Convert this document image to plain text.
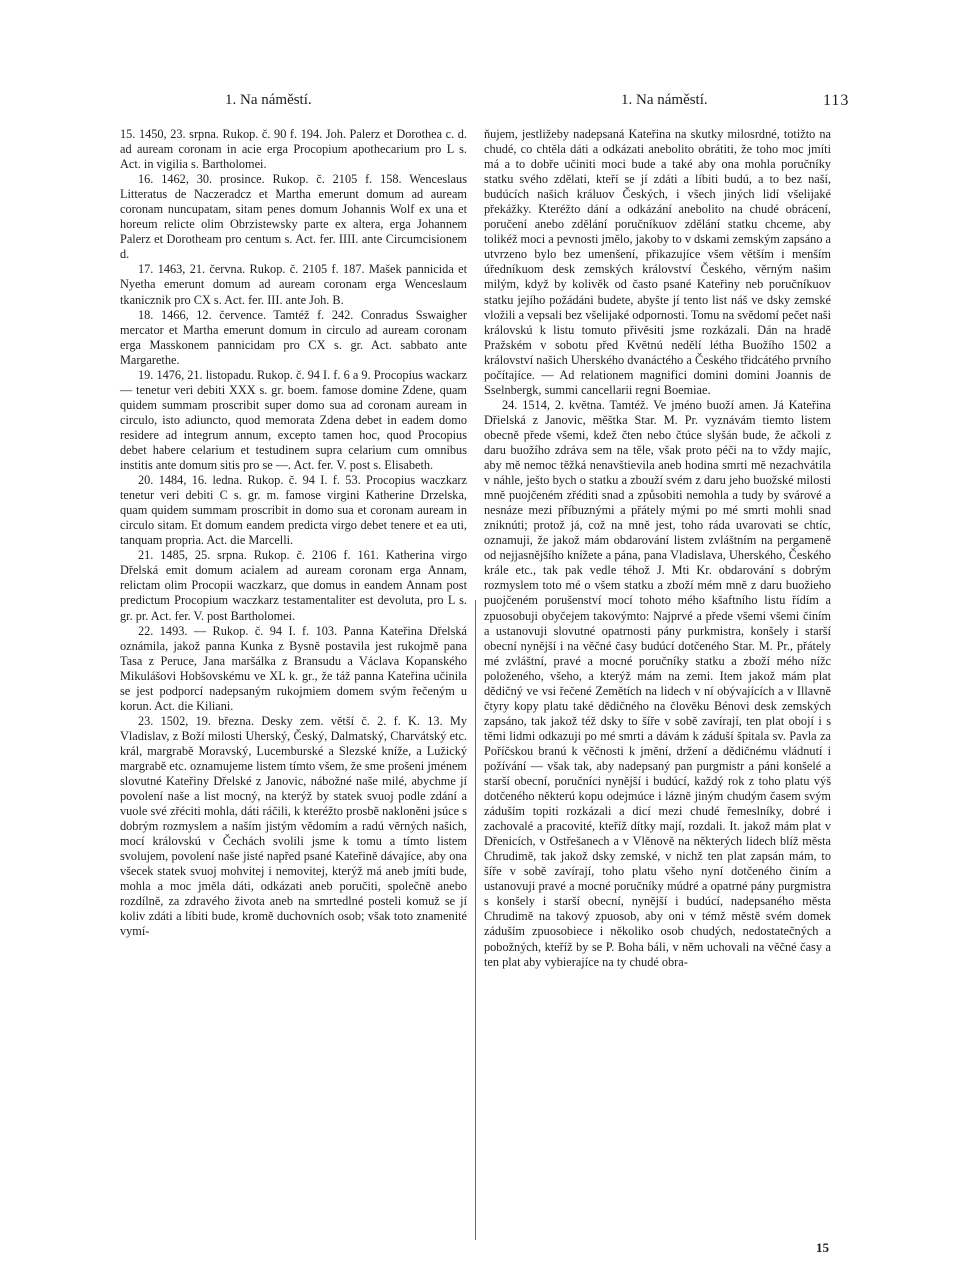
1. Na náměstí.	1. Na náměstí.	113

15. 1450, 23. srpna. Rukop. č. 90 f. 194. Joh. Palerz et Dorothea c. d. ad auream coronam in acie erga Procopium apothecarium pro L s. Act. in vigilia s. Bartholomei.

16. 1462, 30. prosince. Rukop. č. 2105 f. 158. Wenceslaus Litteratus de Naczeradcz et Martha emerunt domum ad auream coronam nuncupatam, sitam penes domum Johannis Wolf ex una et horeum relicte olim Obrzistewsky parte ex altera, erga Johannem Palerz et Dorotheam pro centum s. Act. fer. IIII. ante Circumcisionem d.

17. 1463, 21. června. Rukop. č. 2105 f. 187. Mašek pannicida et Nyetha emerunt domum ad auream coronam erga Wenceslaum tkanicznik pro CX s. Act. fer. III. ante Joh. B.

18. 1466, 12. července. Tamtéž f. 242. Conradus Sswaigher mercator et Martha emerunt domum in circulo ad auream coronam erga Masskonem pannicidam pro CX s. gr. Act. sabbato ante Margarethe.

19. 1476, 21. listopadu. Rukop. č. 94 I. f. 6 a 9. Procopius wackarz — tenetur veri debiti XXX s. gr. boem. famose domine Zdene, quam quidem summam proscribit super domo sua ad coronam auream in circulo, isto adiuncto, quod memorata Zdena debet in eadem domo residere ad integrum annum, excepto tamen hoc, quod Procopius debet habere celarium et testudinem supra celarium cum omnibus institis ante domum sitis pro se —. Act. fer. V. post s. Elisabeth.

20. 1484, 16. ledna. Rukop. č. 94 I. f. 53. Procopius waczkarz tenetur veri debiti C s. gr. m. famose virgini Katherine Drzelska, quam quidem summam proscribit in domo sua et coronam auream in circulo sitam. Et domum eandem predicta virgo debet tenere et ea uti, tanquam propria. Act. die Marcelli.

21. 1485, 25. srpna. Rukop. č. 2106 f. 161. Katherina virgo Dřelská emit domum acialem ad auream coronam erga Annam, relictam olim Procopii waczkarz, que domus in eandem Annam post predictum Procopium waczkarz testamentaliter est devoluta, pro L s. gr. pr. Act. fer. V. post Bartholomei.

22. 1493. — Rukop. č. 94 I. f. 103. Panna Kateřina Dřelská oznámila, jakož panna Kunka z Bysně postavila jest rukojmě pana Tasa z Peruce, Jana maršálka z Bransudu a Václava Kopanského Mikulášovi Hobšovskému ve XL k. gr., že táž panna Kateřina učinila se jest podporcí nadepsaným rukojmiem domem svým řečeným u korun. Act. die Kiliani.

23. 1502, 19. března. Desky zem. větší č. 2. f. K. 13. My Vladislav, z Boží milosti Uherský, Český, Dalmatský, Charvátský etc. král, margrabě Moravský, Lucemburské a Slezské kníže, a Lužický margrabě etc. oznamujeme listem tímto všem, že sme prošeni jménem slovutné Kateřiny Dřelské z Janovic, nábožné naše milé, abychme jí povolení naše a list mocný, na kterýž by statek svuoj podle zdání a vuole své zřéciti mohla, dáti ráčili, k kteréžto prosbě nakloněni jsúce s dobrým rozmyslem a naším jistým vědomím a radú věrných našich, mocí královskú v Čechách svolili jsme k tomu a tímto listem svolujem, povolení naše jisté napřed psané Kateřině dávajíce, aby ona všecek statek svuoj mohvitej i nemovitej, kterýž má aneb jmíti bude, mohla a moc jměla dáti, odkázati aneb poručiti, společně anebo rozdílně, za zdravého života aneb na smrtedlné posteli komuž se jí koliv zdáti a líbiti bude, kromě duchovních osob; však toto znamenité vymí-

ňujem, jestližeby nadepsaná Kateřina na skutky milosrdné, totižto na chudé, co chtěla dáti a odkázati anebolito obrátiti, že toho moc jmíti má a to dobře učiniti moci bude a také aby ona mohla poručníky statku svého zdělati, kteří se jí zdáti a líbiti budú, a to bez naší, budúcích našich králuov Českých, i všech jiných lidí všelijaké překážky. Kteréžto dání a odkázání anebolito na chudé obrácení, poručení anebo zdělání poručníkuov zdělání statku chceme, aby tolikéž moci a pevnosti jmělo, jakoby to v dskami zemským zapsáno a utvrzeno bylo bez umenšení, přikazujíce všem větším i menším úředníkuom desk zemských království Českého, věrným našim milým, když by kolivěk od často psané Kateřiny neb poručníkuov statku jejího požádáni budete, abyšte jí tento list náš ve dsky zemské vložili a vepsali bez všelijaké odpornosti. Tomu na svědomí pečet naši královskú k listu tomuto přivěsiti jsme rozkázali. Dán na hradě Pražském v sobotu před Květnú nedělí létha Buožího 1502 a království našich Uherského dvanáctého a Českého třidcátého prvního počítajíce. — Ad relationem magnifici domini domini Joannis de Sselnbergk, summi cancellarii regni Boemiae.

24. 1514, 2. května. Tamtéž. Ve jméno buoží amen. Já Kateřina Dřielská z Janovic, měštka Star. M. Pr. vyznávám tiemto listem obecně přede všemi, kdež čten nebo čtúce slyšán bude, že ačkoli z daru buožího zdráva sem na těle, však proto péči na to vždy majíc, aby mě nemoc těžká nenavštievila aneb hodina smrti mě nezachvátila v náhle, ješto bych o statku a zbouží svém z daru jeho buožské milosti mně puojčeném zřéditi snad a způsobiti nemohla a tudy by svárové a nesnáze mezi příbuznými a přátely mými po mé smrti mohli snad zniknúti; protož já, což na mně jest, toho ráda uvarovati se chtíc, oznamuji, že jakož mám obdarování listem zvláštním na pergameně od nejjasnějšího knížete a pána, pana Vladislava, Uherského, Českého krále etc., tak pak vedle téhož J. Mti Kr. obdarování s dobrým rozmyslem toto mé o všem statku a zboží mém mně z daru buožieho puojčeném porušenství mocí tohoto mého kšaftního listu řídím a zpuosobuji obyčejem takovýmto: Najprvé a přede všemi všemi činím a ustanovuji slovutné opatrnosti pány purkmistra, konšely i starší obecní nynější i na věčné časy budúcí dotčeného Star. M. Pr., přátely mé zvláštní, pravé a mocné poručníky statku a zboží mého nížc položeného, všeho, a kterýž mám na zemi. Item jakož mám plat dědičný ve vsi řečené Zemětích na lidech v ní obývajících a v Illavně čtyry kopy platu také dědičného na člověku Bénovi desk zemských zapsáno, tak jakož též dsky to šíře v sobě zavírají, ten plat obojí i s těmi lidmi odkazuji po mé smrti a dávám k záduší špitala sv. Pavla za Poříčskou branú k věčnosti k jmění, držení a dědičnému vládnutí i požívání — však tak, aby nadepsaný pan purgmistr a páni konšelé a starší obecní, poručníci nynější i budúcí, každý rok z toho platu výš dotčeného některú kopu odejmúce i lázně jiným chudým časem svým záduším topiti rozkázali a dicí mezi chudé řemeslníky, dobré i zachovalé a pracovité, kteříž dítky mají, rozdali. It. jakož mám plat v Dřenicích, v Ostřešanech a v Vlěnově na některých lidech blíž města Chrudimě, tak jakož dsky zemské, v nichž ten plat zapsán mám, to šíře v sobě zavírají, toho platu všeho nyní dotčeného činím a ustanovuji pravé a mocné poručníky múdré a opatrné pány purgmistra s konšely i starší obecní, nynější i budúcí, nadepsaného města Chrudimě na takový zpuosob, aby oni v témž městě svém domek záduším zpuosobiece i několiko osob chudých, nedostatečných a pobožných, kteříž by se P. Boha báli, v něm uchovali na věčné časy a ten plat aby vybierajíce na ty chudé obra-

15
